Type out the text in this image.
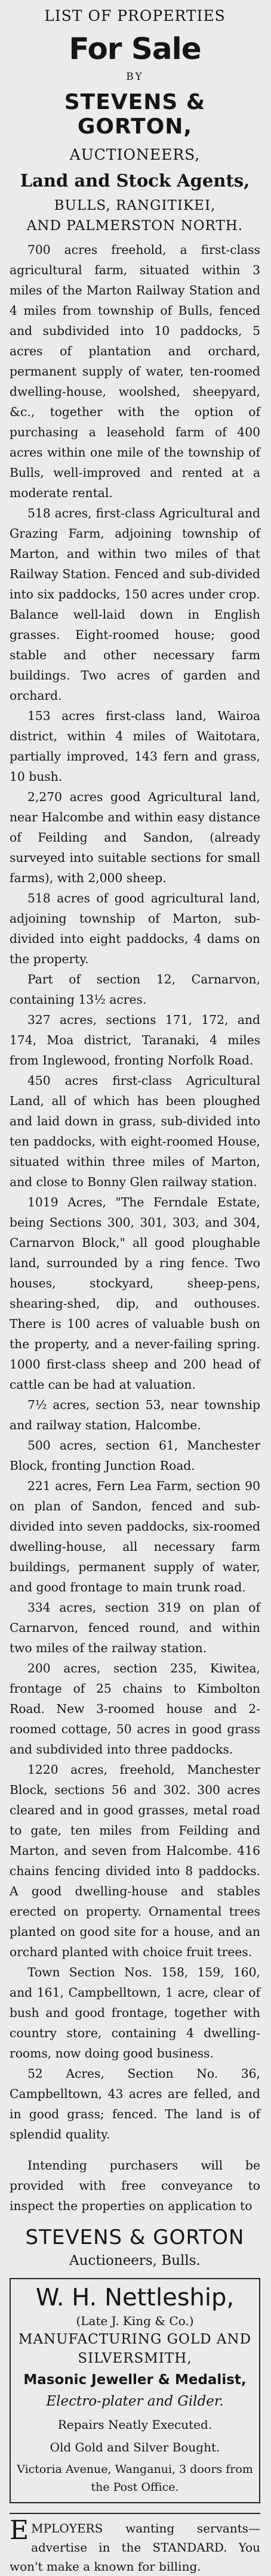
LIST OF PROPERTIES
For Sale
BY
STEVENS & GORTON,
AUCTIONEERS,
Land and Stock Agents,
BULLS, RANGITIKEI,
AND PALMERSTON NORTH.

700 acres freehold, a first-class agricultural farm, situated within 3 miles of the Marton Railway Station and 4 miles from township of Bulls, fenced and subdivided into 10 paddocks, 5 acres of plantation and orchard, permanent supply of water, ten-roomed dwelling-house, woolshed, sheepyard, &c., together with the option of purchasing a leasehold farm of 400 acres within one mile of the township of Bulls, well-improved and rented at a moderate rental.

518 acres, first-class Agricultural and Grazing Farm, adjoining township of Marton, and within two miles of that Railway Station. Fenced and sub-divided into six paddocks, 150 acres under crop. Balance well-laid down in English grasses. Eight-roomed house; good stable and other necessary farm buildings. Two acres of garden and orchard.

153 acres first-class land, Wairoa district, within 4 miles of Waitotara, partially improved, 143 fern and grass, 10 bush.

2,270 acres good Agricultural land, near Halcombe and within easy distance of Feilding and Sandon, (already surveyed into suitable sections for small farms), with 2,000 sheep.

518 acres of good agricultural land, adjoining township of Marton, sub-divided into eight paddocks, 4 dams on the property.

Part of section 12, Carnarvon, containing 13½ acres.

327 acres, sections 171, 172, and 174, Moa district, Taranaki, 4 miles from Inglewood, fronting Norfolk Road.

450 acres first-class Agricultural Land, all of which has been ploughed and laid down in grass, sub-divided into ten paddocks, with eight-roomed House, situated within three miles of Marton, and close to Bonny Glen railway station.

1019 Acres, "The Ferndale Estate, being Sections 300, 301, 303, and 304, Carnarvon Block," all good ploughable land, surrounded by a ring fence. Two houses, stockyard, sheep-pens, shearing-shed, dip, and outhouses. There is 100 acres of valuable bush on the property, and a never-failing spring. 1000 first-class sheep and 200 head of cattle can be had at valuation.

7½ acres, section 53, near township and railway station, Halcombe.

500 acres, section 61, Manchester Block, fronting Junction Road.

221 acres, Fern Lea Farm, section 90 on plan of Sandon, fenced and sub-divided into seven paddocks, six-roomed dwelling-house, all necessary farm buildings, permanent supply of water, and good frontage to main trunk road.

334 acres, section 319 on plan of Carnarvon, fenced round, and within two miles of the railway station.

200 acres, section 235, Kiwitea, frontage of 25 chains to Kimbolton Road. New 3-roomed house and 2-roomed cottage, 50 acres in good grass and subdivided into three paddocks.

1220 acres, freehold, Manchester Block, sections 56 and 302. 300 acres cleared and in good grasses, metal road to gate, ten miles from Feilding and Marton, and seven from Halcombe. 416 chains fencing divided into 8 paddocks. A good dwelling-house and stables erected on property. Ornamental trees planted on good site for a house, and an orchard planted with choice fruit trees.

Town Section Nos. 158, 159, 160, and 161, Campbelltown, 1 acre, clear of bush and good frontage, together with country store, containing 4 dwelling-rooms, now doing good business.

52 Acres, Section No. 36, Campbelltown, 43 acres are felled, and in good grass; fenced. The land is of splendid quality.

Intending purchasers will be provided with free conveyance to inspect the properties on application to

STEVENS & GORTON
Auctioneers, Bulls.
W. H. Nettleship,
(Late J. King & Co.)
MANUFACTURING GOLD AND
SILVERSMITH,
Masonic Jeweller & Medalist,
Electro-plater and Gilder.
Repairs Neatly Executed.
Old Gold and Silver Bought.
Victoria Avenue, Wanganui, 3 doors from the Post Office.
E MPLOYERS wanting servants—advertise in the STANDARD. You won't make a known for billing.
